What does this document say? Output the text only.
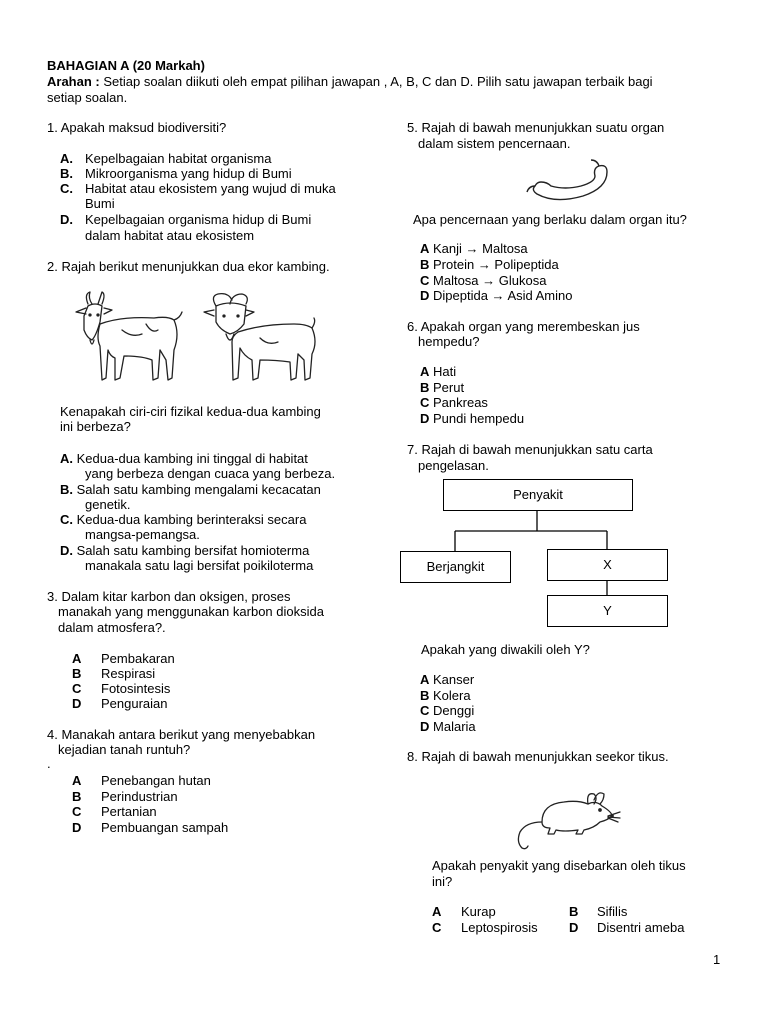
BAHAGIAN A (20 Markah)
Arahan : Setiap soalan diikuti oleh empat pilihan jawapan , A, B, C dan D. Pilih satu jawapan terbaik bagi
setiap soalan.
1. Apakah maksud biodiversiti?
A. Kepelbagaian habitat organisma
B. Mikroorganisma yang hidup di Bumi
C. Habitat atau ekosistem yang wujud di muka
Bumi
D. Kepelbagaian organisma hidup di Bumi
dalam habitat atau ekosistem
2. Rajah berikut menunjukkan dua ekor kambing.
Kenapakah ciri-ciri fizikal kedua-dua kambing
ini berbeza?
A. Kedua-dua kambing ini tinggal di habitat
yang berbeza dengan cuaca yang berbeza.
B. Salah satu kambing mengalami kecacatan
genetik.
C. Kedua-dua kambing berinteraksi secara
mangsa-pemangsa.
D. Salah satu kambing bersifat homioterma
manakala satu lagi bersifat poikiloterma
3. Dalam kitar karbon dan oksigen, proses
manakah yang menggunakan karbon dioksida
dalam atmosfera?.
A Pembakaran
B Respirasi
C Fotosintesis
D Penguraian
4. Manakah antara berikut yang menyebabkan
kejadian tanah runtuh?
.
A Penebangan hutan
B Perindustrian
C Pertanian
D Pembuangan sampah
5. Rajah di bawah menunjukkan suatu organ
dalam sistem pencernaan.
Apa pencernaan yang berlaku dalam organ itu?
A Kanji → Maltosa
B Protein → Polipeptida
C Maltosa → Glukosa
D Dipeptida → Asid Amino
6. Apakah organ yang merembeskan jus
hempedu?
A Hati
B Perut
C Pankreas
D Pundi hempedu
7. Rajah di bawah menunjukkan satu carta
pengelasan.
Penyakit
Berjangkit	X
Y
Apakah yang diwakili oleh Y?
A Kanser
B Kolera
C Denggi
D Malaria
8. Rajah di bawah menunjukkan seekor tikus.
Apakah penyakit yang disebarkan oleh tikus
ini?
A Kurap	B Sifilis
C Leptospirosis D Disentri ameba
1
